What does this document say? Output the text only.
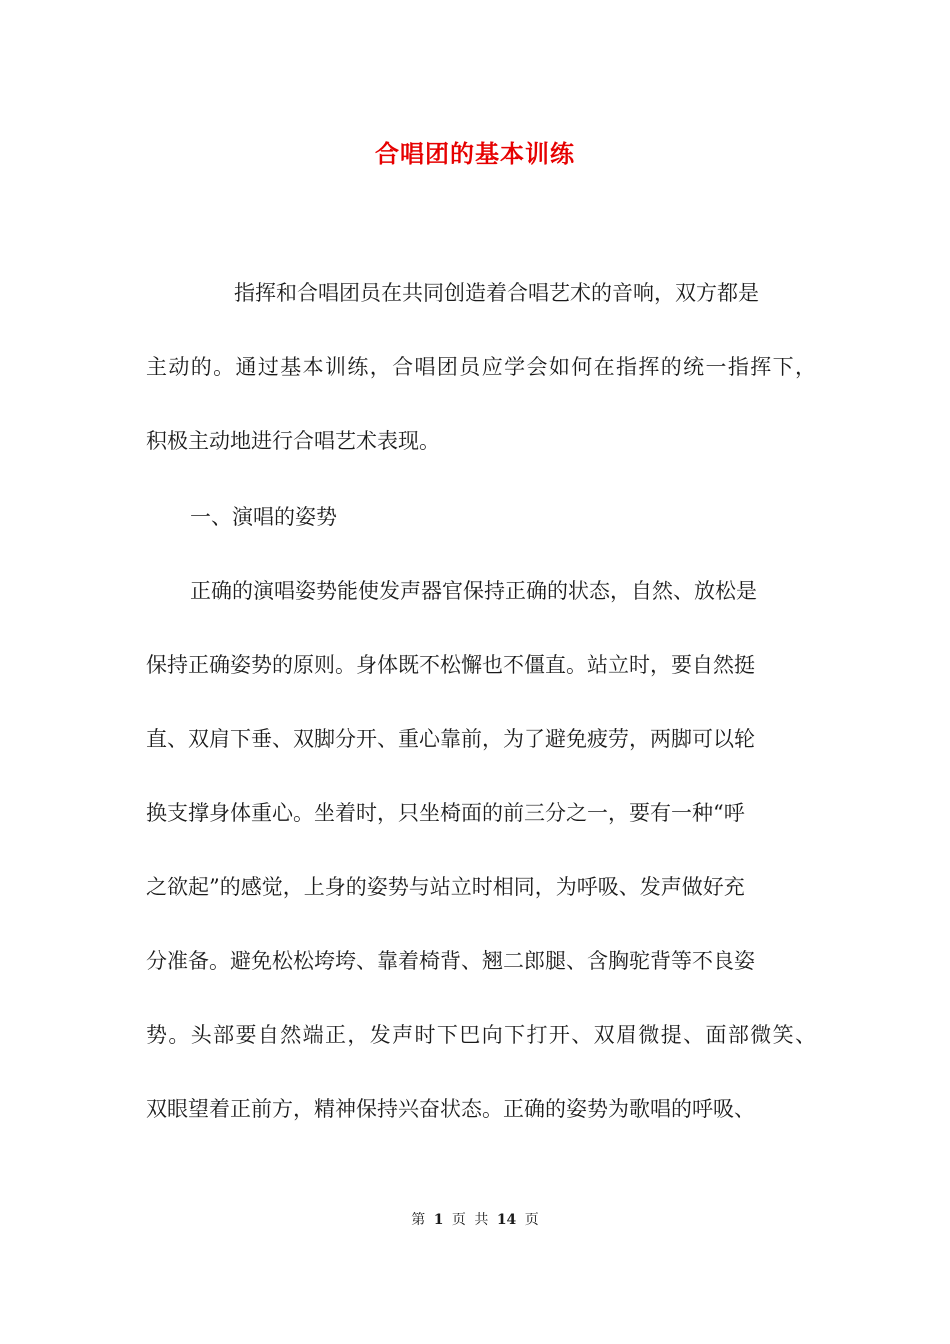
合唱团的基本训练
指挥和合唱团员在共同创造着合唱艺术的音响，双方都是
主动的。通过基本训练，合唱团员应学会如何在指挥的统一指挥下，
积极主动地进行合唱艺术表现。
一、演唱的姿势
正确的演唱姿势能使发声器官保持正确的状态，自然、放松是
保持正确姿势的原则。身体既不松懈也不僵直。站立时，要自然挺
直、双肩下垂、双脚分开、重心靠前，为了避免疲劳，两脚可以轮
换支撑身体重心。坐着时，只坐椅面的前三分之一，要有一种“呼
之欲起”的感觉，上身的姿势与站立时相同，为呼吸、发声做好充
分准备。避免松松垮垮、靠着椅背、翘二郎腿、含胸驼背等不良姿
势。头部要自然端正，发声时下巴向下打开、双眉微提、面部微笑、
双眼望着正前方，精神保持兴奋状态。正确的姿势为歌唱的呼吸、
第 1 页 共 14 页
